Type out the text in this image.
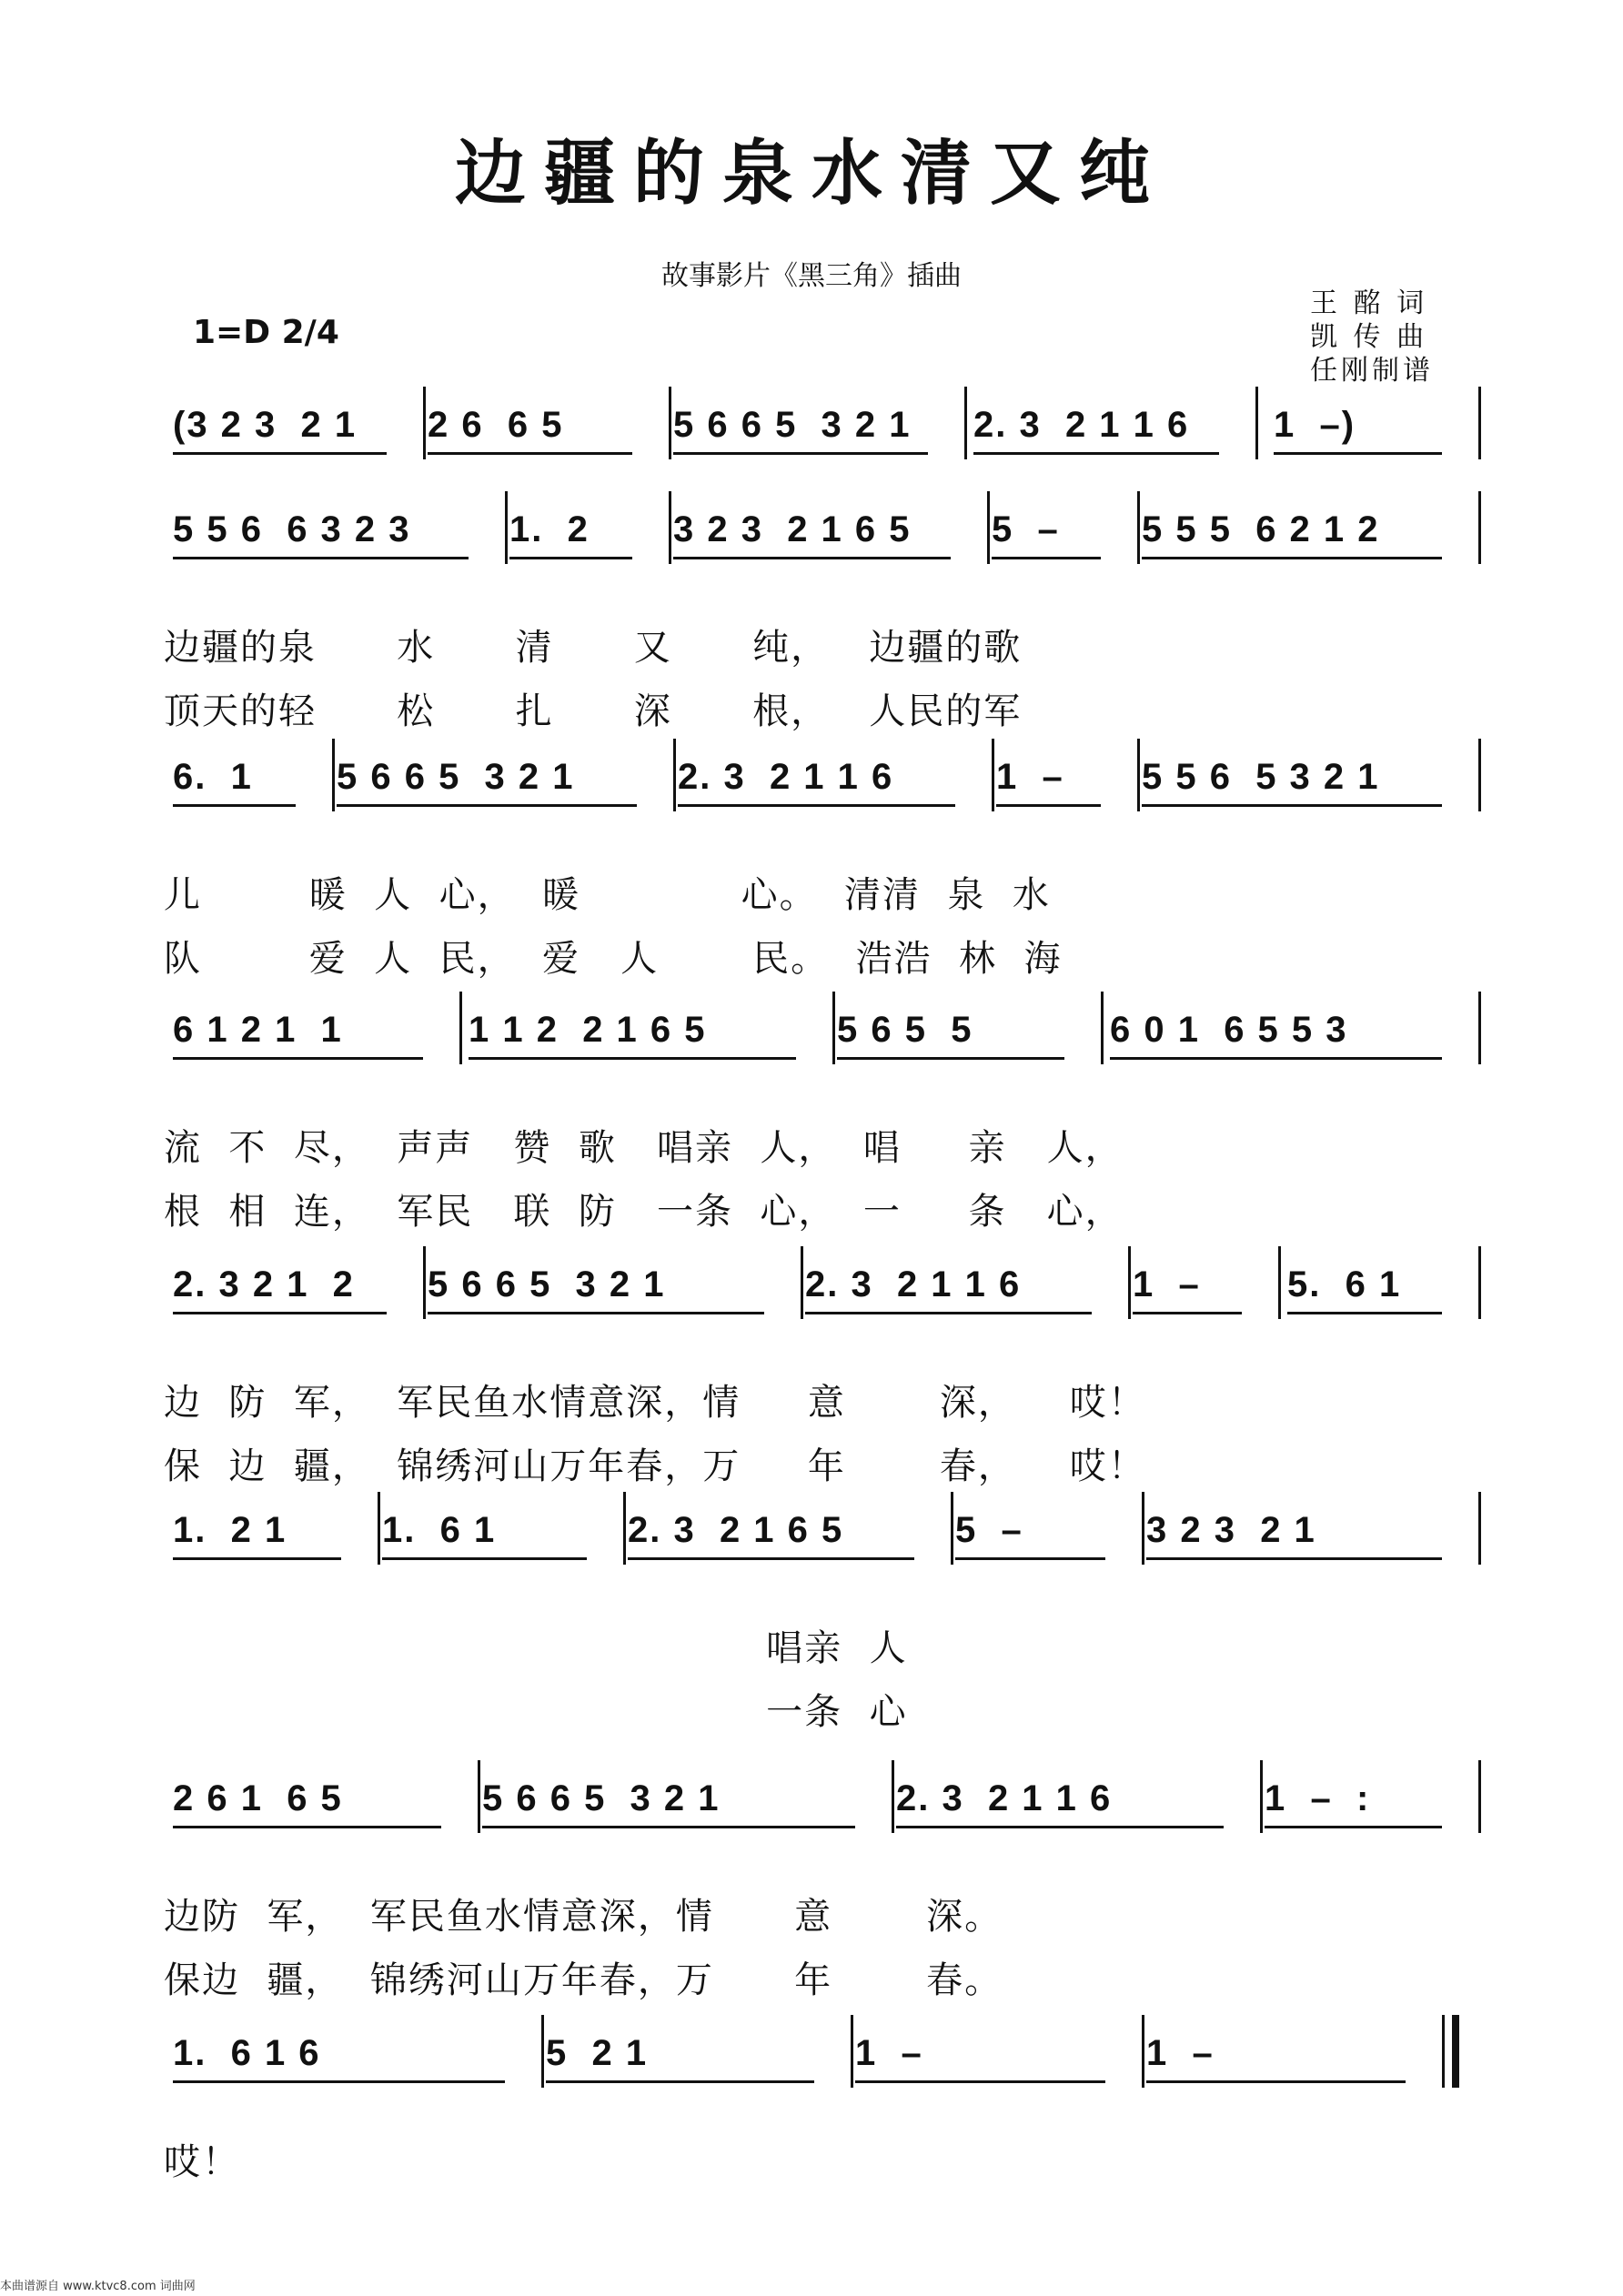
边疆的泉水清又纯
故事影片《黑三角》插曲
1=D 2/4
王 酩 词
凯 传 曲
任刚制谱
(3 2 3  2 1 2 6  6 5	5 6 6 5  3 2 1 2. 3  2 1 1 6 1  –)
5 5 6  6 3 2 3	1.  2 3 2 3  2 1 6 5 5  – 5 5 5  6 2 1 2
边疆的泉      水      清      又      纯，   边疆的歌
顶天的轻      松      扎      深      根，   人民的军
6.  1 5 6 6 5  3 2 1	2. 3  2 1 1 6	1  – 5 5 6  5 3 2 1
儿        暖  人  心，  暖            心。  清清  泉  水
队        爱  人  民，  爱   人       民。  浩浩  林  海
6 1 2 1  1	1 1 2  2 1 6 5	5 6 5  5	6 0 1  6 5 5 3
流  不  尽，  声声   赞  歌   唱亲  人，  唱     亲   人，
根  相  连，  军民   联  防   一条  心，  一     条   心，
2. 3 2 1  2 5 6 6 5  3 2 1	2. 3  2 1 1 6	1  – 5.  6 1
边  防  军，  军民鱼水情意深，情     意       深，    哎！
保  边  疆，  锦绣河山万年春，万     年       春，    哎！
1.  2 1	1.  6 1	2. 3  2 1 6 5	5  –	3 2 3  2 1
唱亲  人
一条  心
2 6 1  6 5	5 6 6 5  3 2 1	2. 3  2 1 1 6	1  –  :
边防  军，  军民鱼水情意深，情      意       深。
保边  疆，  锦绣河山万年春，万      年       春。
1.  6 1 6	5  2 1	1  –	1  –
哎！
本曲谱源自 www.ktvc8.com 词曲网
